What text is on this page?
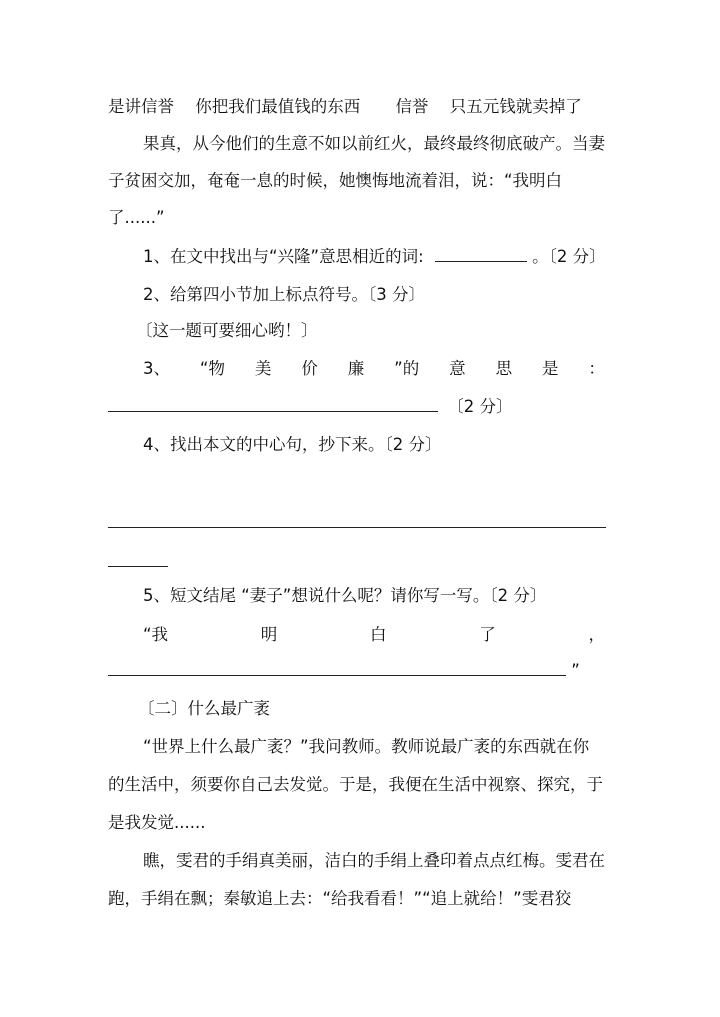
是讲信誉 你把我们最值钱的东西 信誉 只五元钱就卖掉了
果真，从今他们的生意不如以前红火，最终最终彻底破产。当妻
子贫困交加，奄奄一息的时候，她懊悔地流着泪，说：“我明白
了......”
1、在文中找出与“兴隆”意思相近的词:	。〔2 分〕
2、给第四小节加上标点符号。〔3 分〕
〔这一题可要细心哟！〕
3、 “物 美 价 廉 ”的 意 思 是 ：
〔2 分〕
4、找出本文的中心句，抄下来。〔2 分〕
5、短文结尾 “妻子”想说什么呢？请你写一写。〔2 分〕
“我	明	白	了	，
”
〔二〕什么最广袤
“世界上什么最广袤？”我问教师。教师说最广袤的东西就在你
的生活中，须要你自己去发觉。于是，我便在生活中视察、探究，于
是我发觉......
瞧，雯君的手绢真美丽，洁白的手绢上叠印着点点红梅。雯君在
跑，手绢在飘；秦敏追上去：“给我看看！”“追上就给！”雯君狡
